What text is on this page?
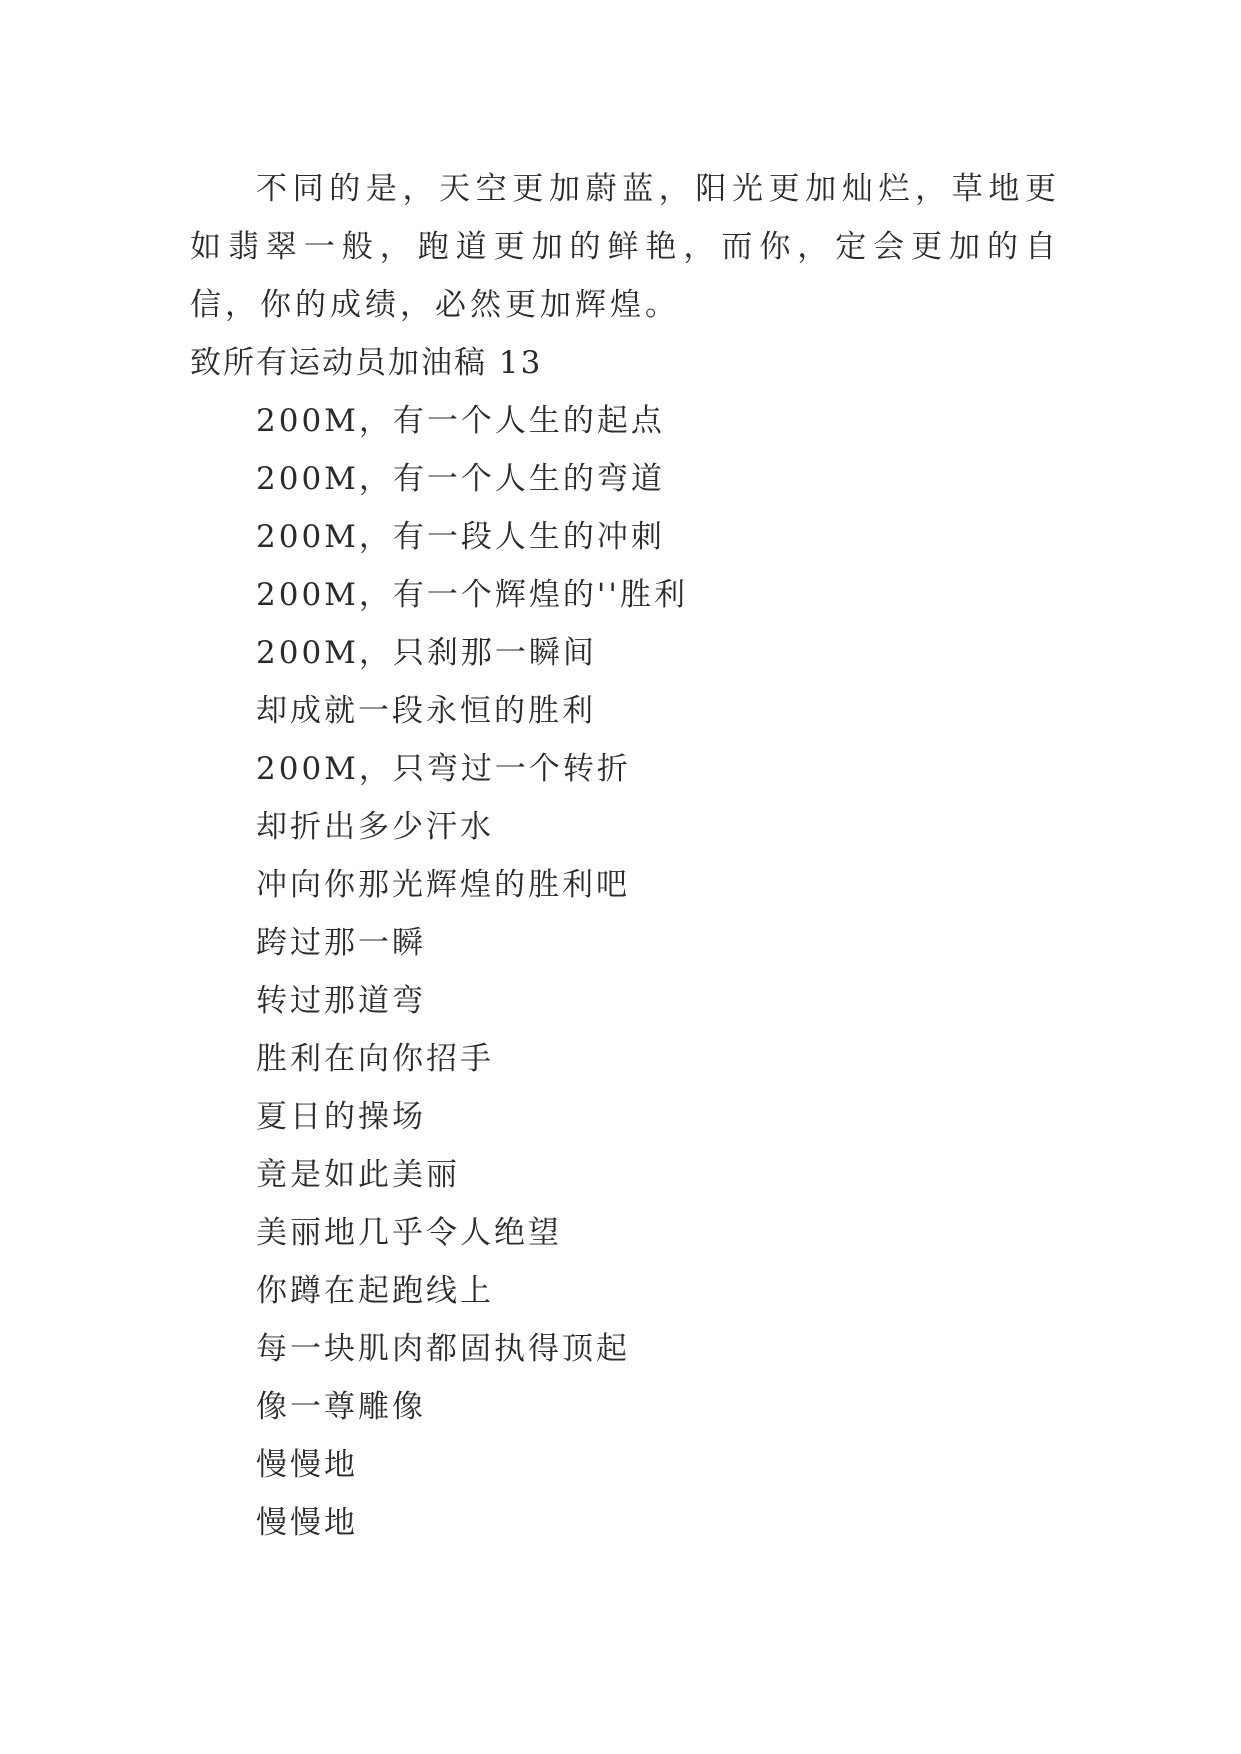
不同的是，天空更加蔚蓝，阳光更加灿烂，草地更如翡翠一般，跑道更加的鲜艳，而你，定会更加的自信，你的成绩，必然更加辉煌。

致所有运动员加油稿 13

200M，有一个人生的起点
200M，有一个人生的弯道
200M，有一段人生的冲刺
200M，有一个辉煌的''胜利
200M，只刹那一瞬间
却成就一段永恒的胜利
200M，只弯过一个转折
却折出多少汗水
冲向你那光辉煌的胜利吧
跨过那一瞬
转过那道弯
胜利在向你招手
夏日的操场
竟是如此美丽
美丽地几乎令人绝望
你蹲在起跑线上
每一块肌肉都固执得顶起
像一尊雕像
慢慢地
慢慢地
